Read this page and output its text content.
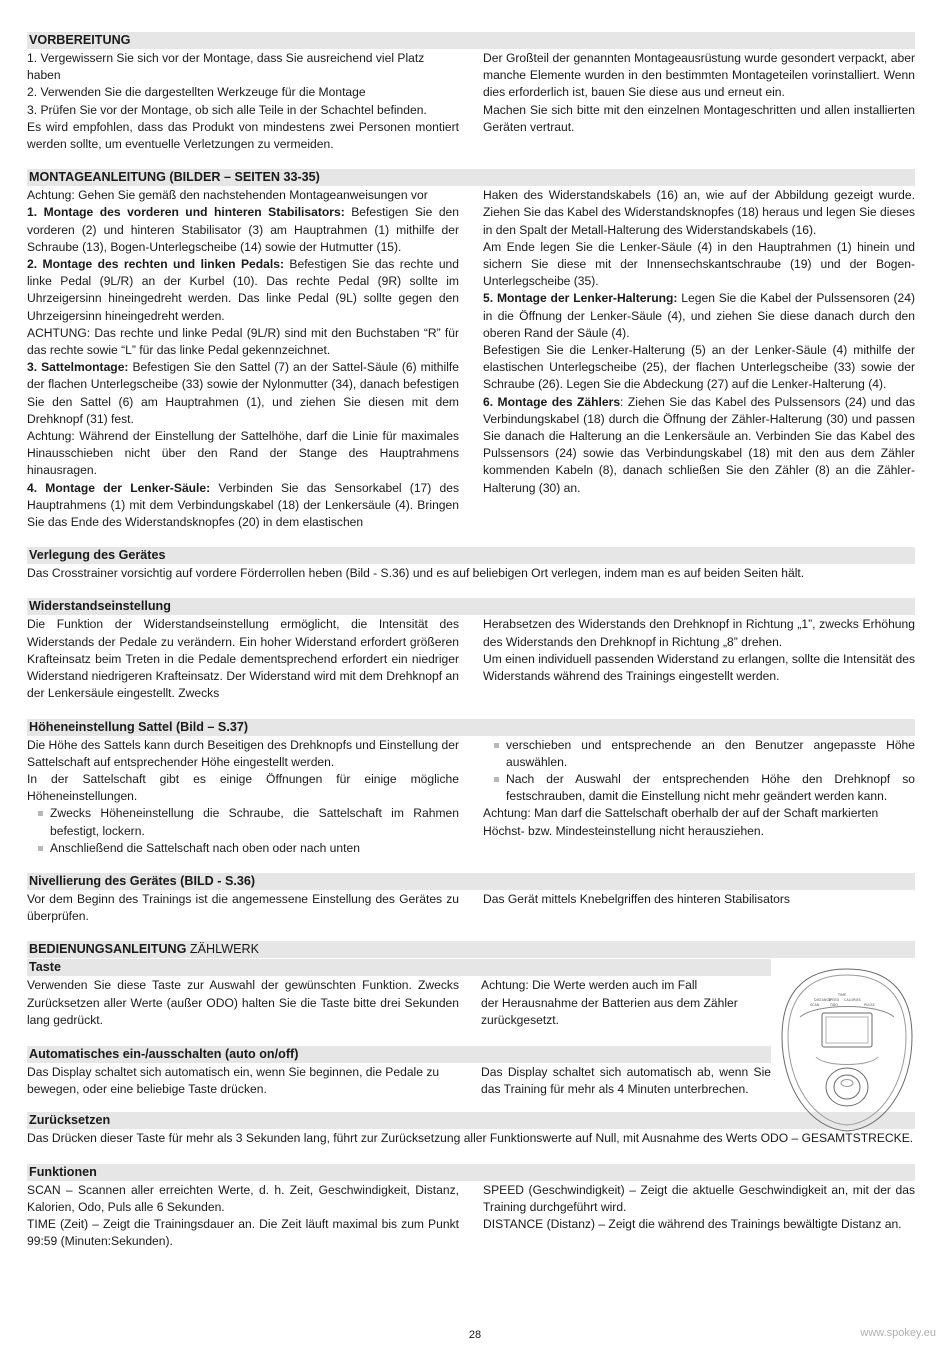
VORBEREITUNG

1. Vergewissern Sie sich vor der Montage, dass Sie ausreichend viel Platz haben

2. Verwenden Sie die dargestellten Werkzeuge für die Montage

3. Prüfen Sie vor der Montage, ob sich alle Teile in der Schachtel befinden.

Es wird empfohlen, dass das Produkt von mindestens zwei Personen montiert werden sollte, um eventuelle Verletzungen zu vermeiden.

Der Großteil der genannten Montageausrüstung wurde gesondert verpackt, aber manche Elemente wurden in den bestimmten Montageteilen vorinstalliert. Wenn dies erforderlich ist, bauen Sie diese aus und erneut ein.

Machen Sie sich bitte mit den einzelnen Montageschritten und allen installierten Geräten vertraut.

MONTAGEANLEITUNG (BILDER – SEITEN 33-35)

Achtung: Gehen Sie gemäß den nachstehenden Montageanweisungen vor

1. Montage des vorderen und hinteren Stabilisators: Befestigen Sie den vorderen (2) und hinteren Stabilisator (3) am Hauptrahmen (1) mithilfe der Schraube (13), Bogen-Unterlegscheibe (14) sowie der Hutmutter (15).

2. Montage des rechten und linken Pedals: Befestigen Sie das rechte und linke Pedal (9L/R) an der Kurbel (10). Das rechte Pedal (9R) sollte im Uhrzeigersinn hineingedreht werden. Das linke Pedal (9L) sollte gegen den Uhrzeigersinn hineingedreht werden.

ACHTUNG: Das rechte und linke Pedal (9L/R) sind mit den Buchstaben “R” für das rechte sowie “L” für das linke Pedal gekennzeichnet.

3. Sattelmontage: Befestigen Sie den Sattel (7) an der Sattel-Säule (6) mithilfe der flachen Unterlegscheibe (33) sowie der Nylonmutter (34), danach befestigen Sie den Sattel (6) am Hauptrahmen (1), und ziehen Sie diesen mit dem Drehknopf (31) fest.

Achtung: Während der Einstellung der Sattelhöhe, darf die Linie für maximales Hinausschieben nicht über den Rand der Stange des Hauptrahmens hinausragen.

4. Montage der Lenker-Säule: Verbinden Sie das Sensorkabel (17) des Hauptrahmens (1) mit dem Verbindungskabel (18) der Lenkersäule (4). Bringen Sie das Ende des Widerstandsknopfes (20) in dem elastischen

Haken des Widerstandskabels (16) an, wie auf der Abbildung gezeigt wurde. Ziehen Sie das Kabel des Widerstandsknopfes (18) heraus und legen Sie dieses in den Spalt der Metall-Halterung des Widerstandskabels (16).

Am Ende legen Sie die Lenker-Säule (4) in den Hauptrahmen (1) hinein und sichern Sie diese mit der Innensechskantschraube (19) und der Bogen-Unterlegscheibe (35).

5. Montage der Lenker-Halterung: Legen Sie die Kabel der Pulssensoren (24) in die Öffnung der Lenker-Säule (4), und ziehen Sie diese danach durch den oberen Rand der Säule (4).

Befestigen Sie die Lenker-Halterung (5) an der Lenker-Säule (4) mithilfe der elastischen Unterlegscheibe (25), der flachen Unterlegscheibe (33) sowie der Schraube (26). Legen Sie die Abdeckung (27) auf die Lenker-Halterung (4).

6. Montage des Zählers: Ziehen Sie das Kabel des Pulssensors (24) und das Verbindungskabel (18) durch die Öffnung der Zähler-Halterung (30) und passen Sie danach die Halterung an die Lenkersäule an. Verbinden Sie das Kabel des Pulssensors (24) sowie das Verbindungskabel (18) mit den aus dem Zähler kommenden Kabeln (8), danach schließen Sie den Zähler (8) an die Zähler-Halterung (30) an.

Verlegung des Gerätes
Das Crosstrainer vorsichtig auf vordere Förderrollen heben (Bild - S.36) und es auf beliebigen Ort verlegen, indem man es auf beiden Seiten hält.
Widerstandseinstellung

Die Funktion der Widerstandseinstellung ermöglicht, die Intensität des Widerstands der Pedale zu verändern. Ein hoher Widerstand erfordert größeren Krafteinsatz beim Treten in die Pedale dementsprechend erfordert ein niedriger Widerstand niedrigeren Krafteinsatz. Der Widerstand wird mit dem Drehknopf an der Lenkersäule eingestellt. Zwecks

Herabsetzen des Widerstands den Drehknopf in Richtung „1”, zwecks Erhöhung des Widerstands den Drehknopf in Richtung „8” drehen.

Um einen individuell passenden Widerstand zu erlangen, sollte die Intensität des Widerstands während des Trainings eingestellt werden.

Höheneinstellung Sattel (Bild – S.37)

Die Höhe des Sattels kann durch Beseitigen des Drehknopfs und Einstellung der Sattelschaft auf entsprechender Höhe eingestellt werden.

In der Sattelschaft gibt es einige Öffnungen für einige mögliche Höheneinstellungen.

Zwecks Höheneinstellung die Schraube, die Sattelschaft im Rahmen befestigt, lockern.
Anschließend die Sattelschaft nach oben oder nach unten
verschieben und entsprechende an den Benutzer angepasste Höhe auswählen.
Nach der Auswahl der entsprechenden Höhe den Drehknopf so festschrauben, damit die Einstellung nicht mehr geändert werden kann.

Achtung: Man darf die Sattelschaft oberhalb der auf der Schaft markierten Höchst- bzw. Mindesteinstellung nicht herausziehen.

Nivellierung des Gerätes (BILD - S.36)

Vor dem Beginn des Trainings ist die angemessene Einstellung des Gerätes zu überprüfen.

Das Gerät mittels Knebelgriffen des hinteren Stabilisators

BEDIENUNGSANLEITUNG ZÄHLWERK
Taste

Verwenden Sie diese Taste zur Auswahl der gewünschten Funktion. Zwecks Zurücksetzen aller Werte (außer ODO) halten Sie die Taste bitte drei Sekunden lang gedrückt.

Achtung: Die Werte werden auch im Fall

der Herausnahme der Batterien aus dem Zähler zurückgesetzt.

Automatisches ein-/ausschalten (auto on/off)

Das Display schaltet sich automatisch ein, wenn Sie beginnen, die Pedale zu bewegen, oder eine beliebige Taste drücken.

Das Display schaltet sich automatisch ab, wenn Sie das Training für mehr als 4 Minuten unterbrechen.

TIME
DISTANCE
SPEED CALORIES
SCAN	ODO	PULSE
Zurücksetzen
Das Drücken dieser Taste für mehr als 3 Sekunden lang, führt zur Zurücksetzung aller Funktionswerte auf Null, mit Ausnahme des Werts ODO – GESAMTSTRECKE.
Funktionen

SCAN – Scannen aller erreichten Werte, d. h. Zeit, Geschwindigkeit, Distanz, Kalorien, Odo, Puls alle 6 Sekunden.

TIME (Zeit) – Zeigt die Trainingsdauer an. Die Zeit läuft maximal bis zum Punkt 99:59 (Minuten:Sekunden).

SPEED (Geschwindigkeit) – Zeigt die aktuelle Geschwindigkeit an, mit der das Training durchgeführt wird.

DISTANCE (Distanz) – Zeigt die während des Trainings bewältigte Distanz an.

28	www.spokey.eu
